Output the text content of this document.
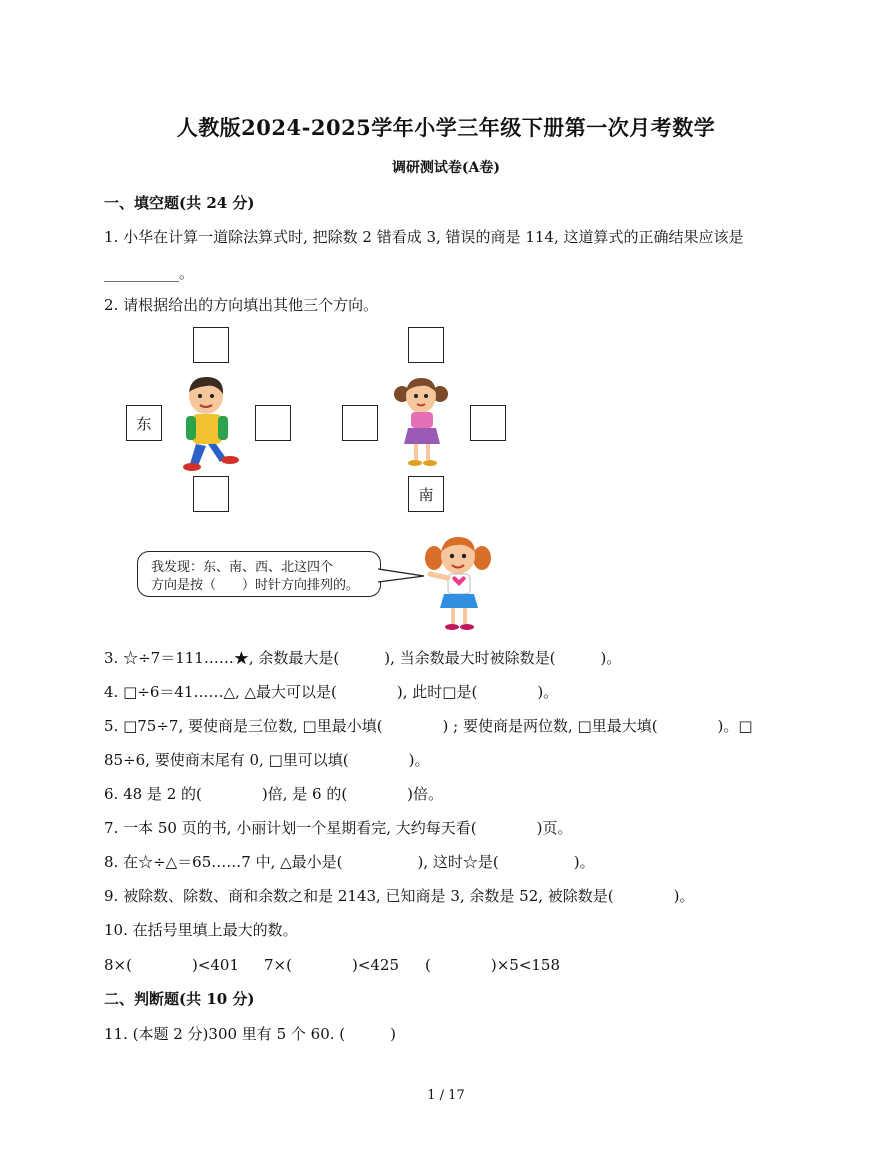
人教版2024-2025学年小学三年级下册第一次月考数学
调研测试卷(A卷)
一、填空题(共 24 分)
1. 小华在计算一道除法算式时, 把除数 2 错看成 3, 错误的商是 114, 这道算式的正确结果应该是
__________。
2. 请根据给出的方向填出其他三个方向。
东
南
我发现：东、南、西、北这四个
方向是按（　　）时针方向排列的。
3. ☆÷7＝111……★, 余数最大是(　　　), 当余数最大时被除数是(　　　)。
4. □÷6＝41……△, △最大可以是(　　　　), 此时□是(　　　　)。
5. □75÷7, 要使商是三位数, □里最小填(　　　　) ; 要使商是两位数, □里最大填(　　　　)。□
85÷6, 要使商末尾有 0, □里可以填(　　　　)。
6. 48 是 2 的(　　　　)倍, 是 6 的(　　　　)倍。
7. 一本 50 页的书, 小丽计划一个星期看完, 大约每天看(　　　　)页。
8. 在☆÷△＝65……7 中, △最小是(　　　　　), 这时☆是(　　　　　)。
9. 被除数、除数、商和余数之和是 2143, 已知商是 3, 余数是 52, 被除数是(　　　　)。
10. 在括号里填上最大的数。
8×(　　　　)<401 7×(　　　　)<425 (　　　　)×5<158
二、判断题(共 10 分)
11. (本题 2 分)300 里有 5 个 60. (　　　)
1 / 17
